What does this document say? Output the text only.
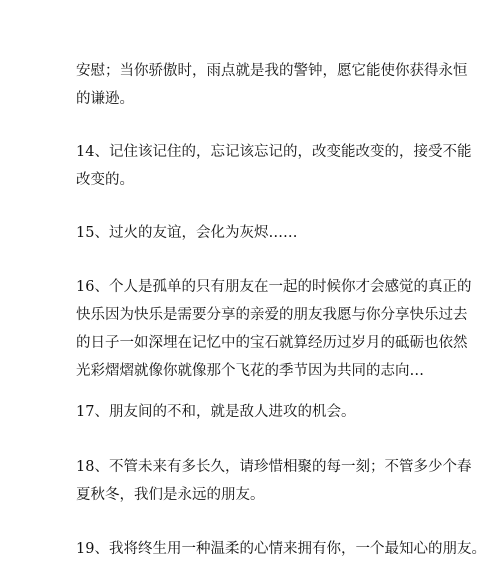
安慰；当你骄傲时，雨点就是我的警钟，愿它能使你获得永恒
的谦逊。

14、记住该记住的，忘记该忘记的，改变能改变的，接受不能
改变的。

15、过火的友谊，会化为灰烬……

16、个人是孤单的只有朋友在一起的时候你才会感觉的真正的
快乐因为快乐是需要分享的亲爱的朋友我愿与你分享快乐过去
的日子一如深埋在记忆中的宝石就算经历过岁月的砥砺也依然
光彩熠熠就像你就像那个飞花的季节因为共同的志向…

17、朋友间的不和，就是敌人进攻的机会。

18、不管未来有多长久，请珍惜相聚的每一刻；不管多少个春
夏秋冬，我们是永远的朋友。

19、我将终生用一种温柔的心情来拥有你，一个最知心的朋友。
